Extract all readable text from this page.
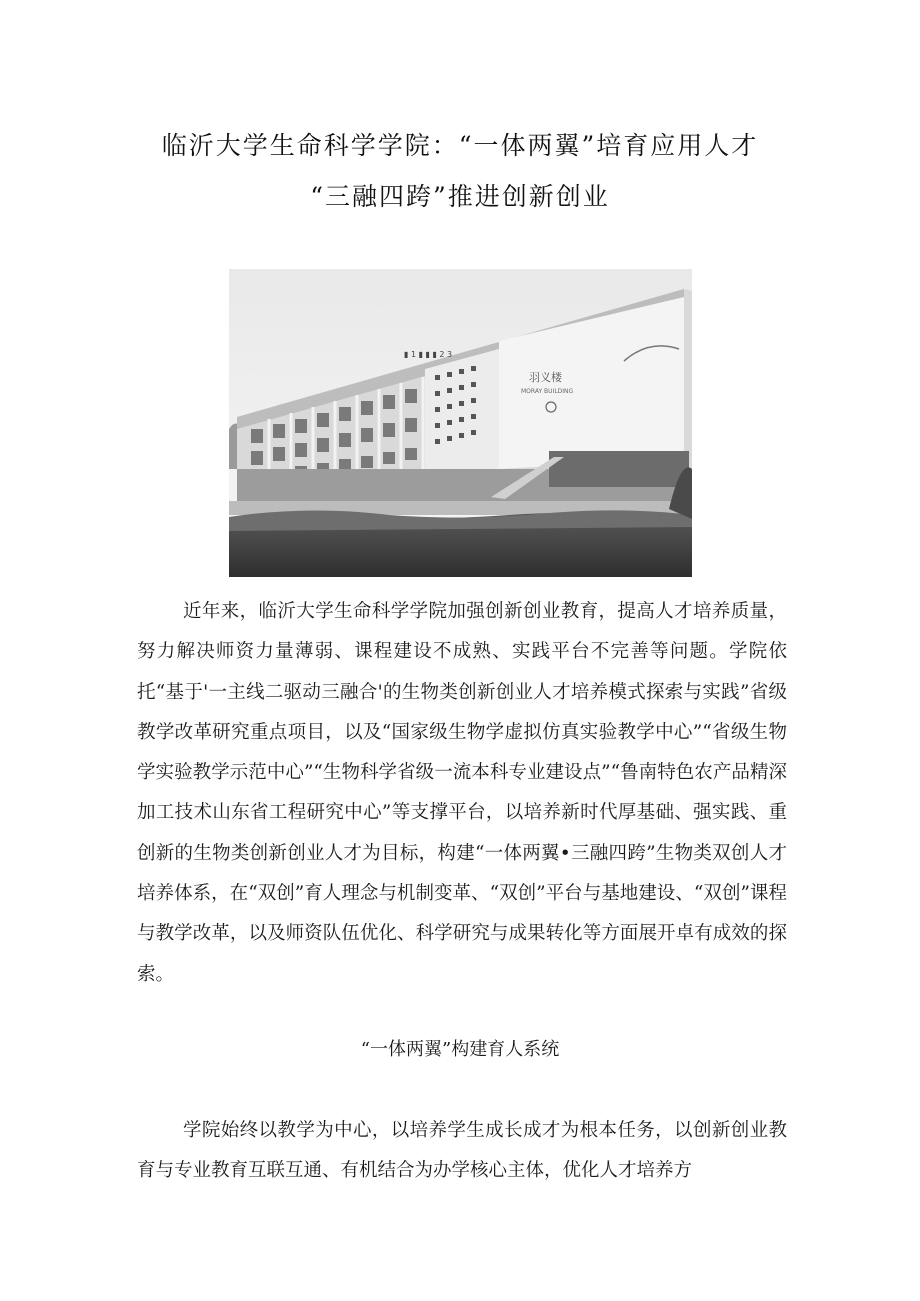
临沂大学生命科学学院：“一体两翼”培育应用人才
“三融四跨”推进创新创业
羽义楼
MORAY BUILDING
▮ 1 ▮ ▮ ▮ 2 3

近年来，临沂大学生命科学学院加强创新创业教育，提高人才培养质量，努力解决师资力量薄弱、课程建设不成熟、实践平台不完善等问题。学院依托“基于'一主线二驱动三融合'的生物类创新创业人才培养模式探索与实践”省级教学改革研究重点项目，以及“国家级生物学虚拟仿真实验教学中心”“省级生物学实验教学示范中心”“生物科学省级一流本科专业建设点”“鲁南特色农产品精深加工技术山东省工程研究中心”等支撑平台，以培养新时代厚基础、强实践、重创新的生物类创新创业人才为目标，构建“一体两翼•三融四跨”生物类双创人才培养体系，在“双创”育人理念与机制变革、“双创”平台与基地建设、“双创”课程与教学改革，以及师资队伍优化、科学研究与成果转化等方面展开卓有成效的探索。

“一体两翼”构建育人系统

学院始终以教学为中心，以培养学生成长成才为根本任务，以创新创业教育与专业教育互联互通、有机结合为办学核心主体，优化人才培养方
